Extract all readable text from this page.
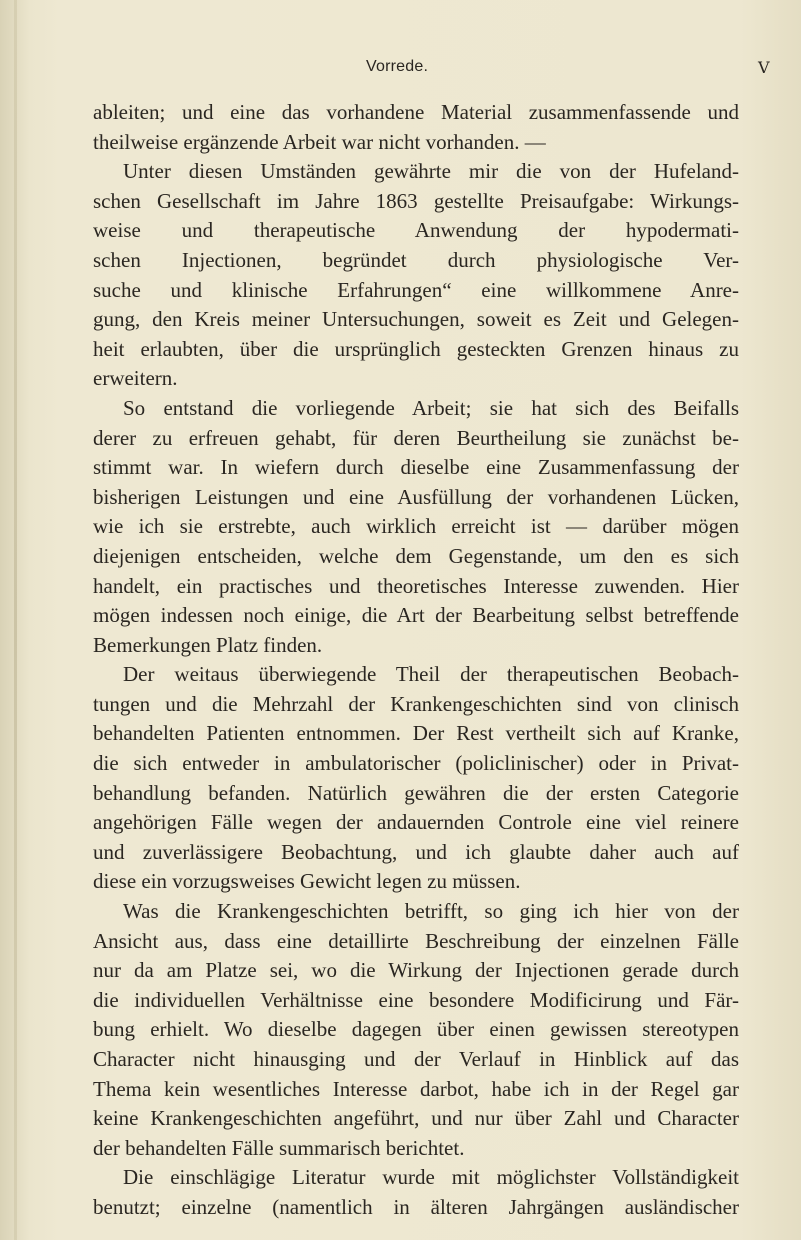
Vorrede.	V
ableiten; und eine das vorhandene Material zusammenfassende und
theilweise ergänzende Arbeit war nicht vorhanden. —
Unter diesen Umständen gewährte mir die von der Hufeland-
schen Gesellschaft im Jahre 1863 gestellte Preisaufgabe: Wirkungs-
weise und therapeutische Anwendung der hypodermati-
schen Injectionen, begründet durch physiologische Ver-
suche und klinische Erfahrungen“ eine willkommene Anre-
gung, den Kreis meiner Untersuchungen, soweit es Zeit und Gelegen-
heit erlaubten, über die ursprünglich gesteckten Grenzen hinaus zu
erweitern.
So entstand die vorliegende Arbeit; sie hat sich des Beifalls
derer zu erfreuen gehabt, für deren Beurtheilung sie zunächst be-
stimmt war. In wiefern durch dieselbe eine Zusammenfassung der
bisherigen Leistungen und eine Ausfüllung der vorhandenen Lücken,
wie ich sie erstrebte, auch wirklich erreicht ist — darüber mögen
diejenigen entscheiden, welche dem Gegenstande, um den es sich
handelt, ein practisches und theoretisches Interesse zuwenden. Hier
mögen indessen noch einige, die Art der Bearbeitung selbst betreffende
Bemerkungen Platz finden.
Der weitaus überwiegende Theil der therapeutischen Beobach-
tungen und die Mehrzahl der Krankengeschichten sind von clinisch
behandelten Patienten entnommen. Der Rest vertheilt sich auf Kranke,
die sich entweder in ambulatorischer (policlinischer) oder in Privat-
behandlung befanden. Natürlich gewähren die der ersten Categorie
angehörigen Fälle wegen der andauernden Controle eine viel reinere
und zuverlässigere Beobachtung, und ich glaubte daher auch auf
diese ein vorzugsweises Gewicht legen zu müssen.
Was die Krankengeschichten betrifft, so ging ich hier von der
Ansicht aus, dass eine detaillirte Beschreibung der einzelnen Fälle
nur da am Platze sei, wo die Wirkung der Injectionen gerade durch
die individuellen Verhältnisse eine besondere Modificirung und Fär-
bung erhielt. Wo dieselbe dagegen über einen gewissen stereotypen
Character nicht hinausging und der Verlauf in Hinblick auf das
Thema kein wesentliches Interesse darbot, habe ich in der Regel gar
keine Krankengeschichten angeführt, und nur über Zahl und Character
der behandelten Fälle summarisch berichtet.
Die einschlägige Literatur wurde mit möglichster Vollständigkeit
benutzt; einzelne (namentlich in älteren Jahrgängen ausländischer
